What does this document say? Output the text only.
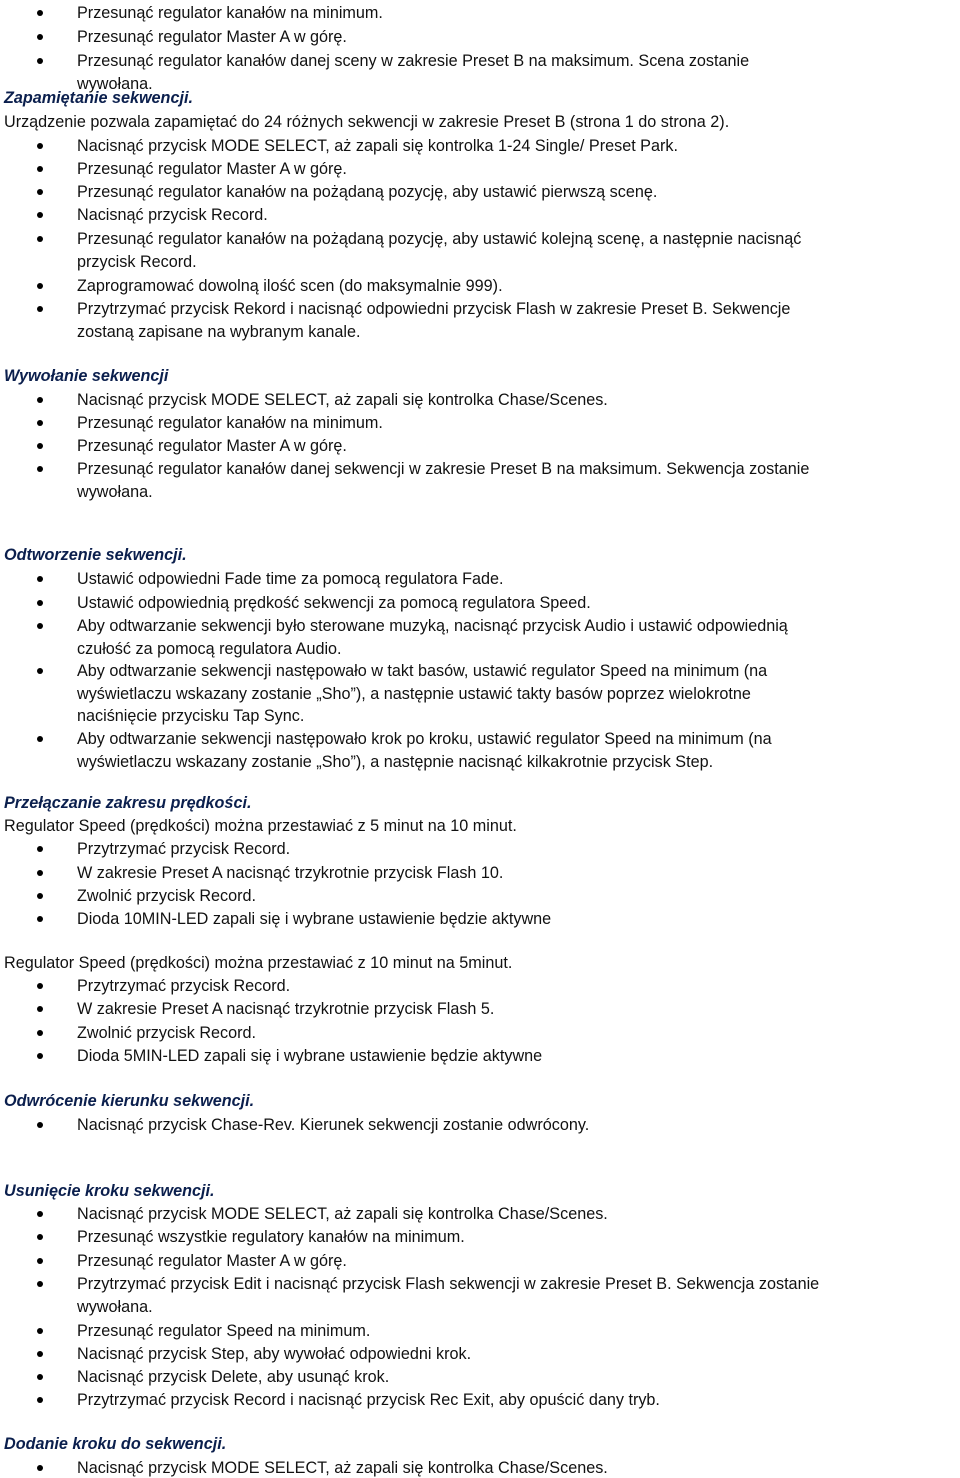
Przesunąć regulator kanałów na minimum.
Przesunąć regulator Master A w górę.
Przesunąć regulator kanałów danej sceny w zakresie Preset B na maksimum. Scena zostanie
wywołana.
Zapamiętanie sekwencji.
Urządzenie pozwala zapamiętać do 24 różnych sekwencji w zakresie Preset B (strona 1 do strona 2).
Nacisnąć przycisk MODE SELECT, aż zapali się kontrolka 1-24 Single/ Preset Park.
Przesunąć regulator Master A w górę.
Przesunąć regulator kanałów na pożądaną pozycję, aby ustawić pierwszą scenę.
Nacisnąć przycisk Record.
Przesunąć regulator kanałów na pożądaną pozycję, aby ustawić kolejną scenę, a następnie nacisnąć
przycisk Record.
Zaprogramować dowolną ilość scen (do maksymalnie 999).
Przytrzymać przycisk Rekord i nacisnąć odpowiedni przycisk Flash w zakresie Preset B. Sekwencje
zostaną zapisane na wybranym kanale.
Wywołanie sekwencji
Nacisnąć przycisk MODE SELECT, aż zapali się kontrolka Chase/Scenes.
Przesunąć regulator kanałów na minimum.
Przesunąć regulator Master A w górę.
Przesunąć regulator kanałów danej sekwencji w zakresie Preset B na maksimum. Sekwencja zostanie
wywołana.
Odtworzenie sekwencji.
Ustawić odpowiedni Fade time za pomocą regulatora Fade.
Ustawić odpowiednią prędkość sekwencji za pomocą regulatora Speed.
Aby odtwarzanie sekwencji było sterowane muzyką, nacisnąć przycisk Audio i ustawić odpowiednią
czułość za pomocą regulatora Audio.
Aby odtwarzanie sekwencji następowało w takt basów, ustawić regulator Speed na minimum (na
wyświetlaczu wskazany zostanie „Sho”), a następnie ustawić takty basów poprzez wielokrotne
naciśnięcie przycisku Tap Sync.
Aby odtwarzanie sekwencji następowało krok po kroku, ustawić regulator Speed na minimum (na
wyświetlaczu wskazany zostanie „Sho”), a następnie nacisnąć kilkakrotnie przycisk Step.
Przełączanie zakresu prędkości.
Regulator Speed (prędkości) można przestawiać z 5 minut na 10 minut.
Przytrzymać przycisk Record.
W zakresie Preset A nacisnąć trzykrotnie przycisk Flash 10.
Zwolnić przycisk Record.
Dioda 10MIN-LED zapali się i wybrane ustawienie będzie aktywne
Regulator Speed (prędkości) można przestawiać z 10 minut na 5minut.
Przytrzymać przycisk Record.
W zakresie Preset A nacisnąć trzykrotnie przycisk Flash 5.
Zwolnić przycisk Record.
Dioda 5MIN-LED zapali się i wybrane ustawienie będzie aktywne
Odwrócenie kierunku sekwencji.
Nacisnąć przycisk Chase-Rev. Kierunek sekwencji zostanie odwrócony.
Usunięcie kroku sekwencji.
Nacisnąć przycisk MODE SELECT, aż zapali się kontrolka Chase/Scenes.
Przesunąć wszystkie regulatory kanałów na minimum.
Przesunąć regulator Master A w górę.
Przytrzymać przycisk Edit i nacisnąć przycisk Flash sekwencji w zakresie Preset B. Sekwencja zostanie
wywołana.
Przesunąć regulator Speed na minimum.
Nacisnąć przycisk Step, aby wywołać odpowiedni krok.
Nacisnąć przycisk Delete, aby usunąć krok.
Przytrzymać przycisk Record i nacisnąć przycisk Rec Exit, aby opuścić dany tryb.
Dodanie kroku do sekwencji.
Nacisnąć przycisk MODE SELECT, aż zapali się kontrolka Chase/Scenes.
